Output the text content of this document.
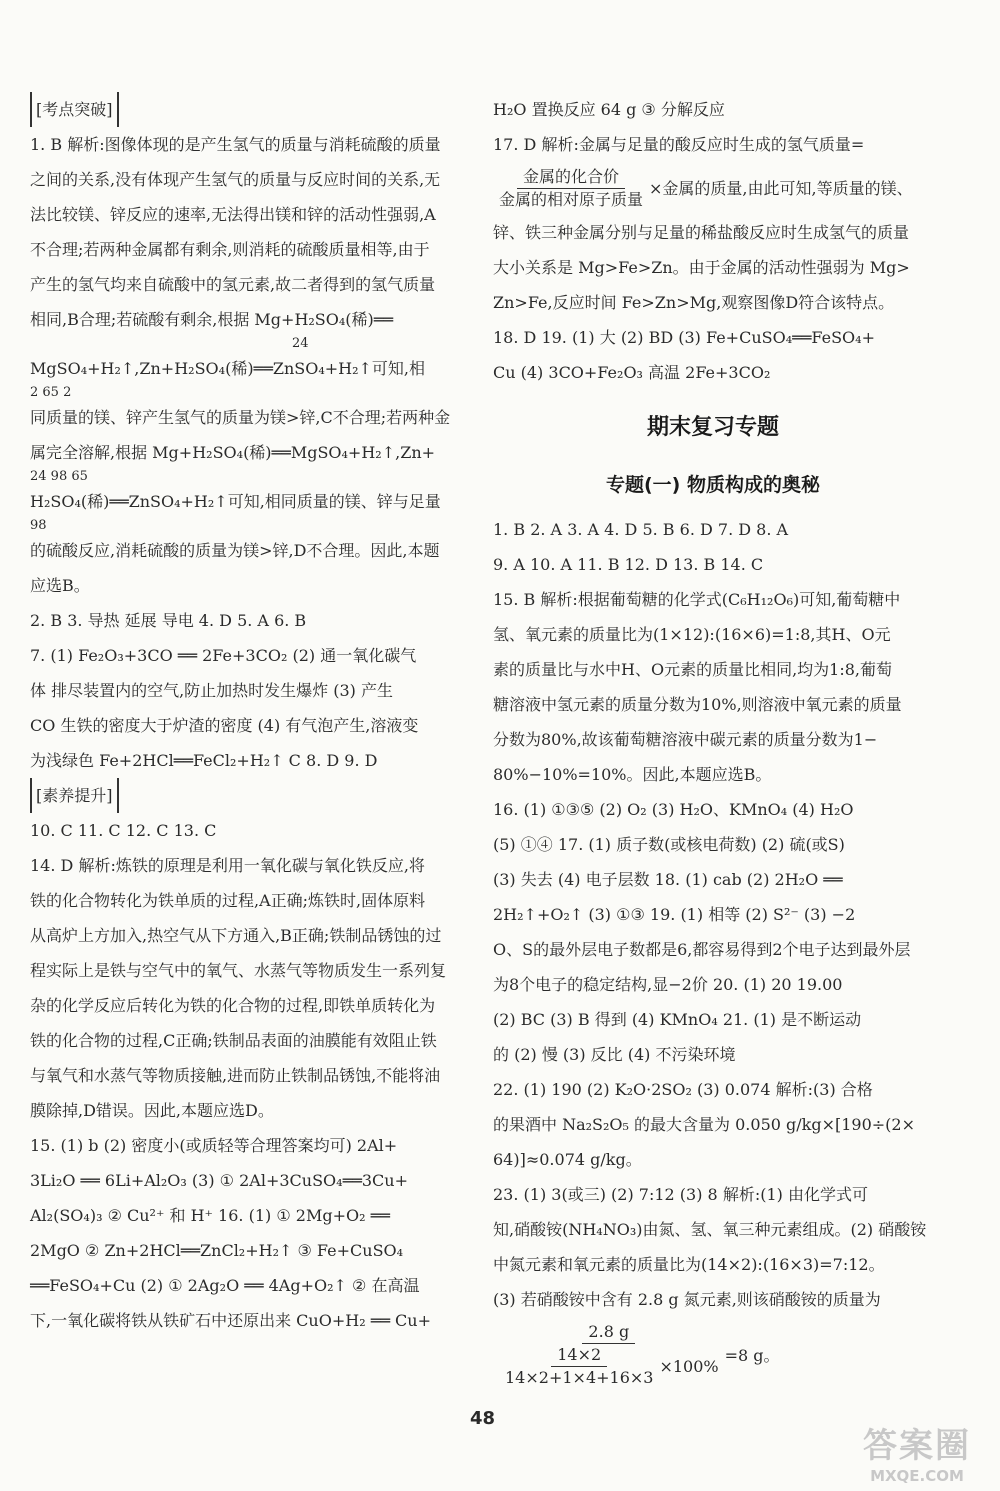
[考点突破]
1. B 解析:图像体现的是产生氢气的质量与消耗硫酸的质量
之间的关系,没有体现产生氢气的质量与反应时间的关系,无
法比较镁、锌反应的速率,无法得出镁和锌的活动性强弱,A
不合理;若两种金属都有剩余,则消耗的硫酸质量相等,由于
产生的氢气均来自硫酸中的氢元素,故二者得到的氢气质量
相同,B合理;若硫酸有剩余,根据 Mg+H₂SO₄(稀)══
24
MgSO₄+H₂↑,Zn+H₂SO₄(稀)══ZnSO₄+H₂↑可知,相
2 65 2
同质量的镁、锌产生氢气的质量为镁>锌,C不合理;若两种金
属完全溶解,根据 Mg+H₂SO₄(稀)══MgSO₄+H₂↑,Zn+
24 98 65
H₂SO₄(稀)══ZnSO₄+H₂↑可知,相同质量的镁、锌与足量
98
的硫酸反应,消耗硫酸的质量为镁>锌,D不合理。因此,本题
应选B。
2. B 3. 导热 延展 导电 4. D 5. A 6. B
7. (1) Fe₂O₃+3CO ══ 2Fe+3CO₂ (2) 通一氧化碳气
体 排尽装置内的空气,防止加热时发生爆炸 (3) 产生
CO 生铁的密度大于炉渣的密度 (4) 有气泡产生,溶液变
为浅绿色 Fe+2HCl══FeCl₂+H₂↑ C 8. D 9. D
[素养提升]
10. C 11. C 12. C 13. C
14. D 解析:炼铁的原理是利用一氧化碳与氧化铁反应,将
铁的化合物转化为铁单质的过程,A正确;炼铁时,固体原料
从高炉上方加入,热空气从下方通入,B正确;铁制品锈蚀的过
程实际上是铁与空气中的氧气、水蒸气等物质发生一系列复
杂的化学反应后转化为铁的化合物的过程,即铁单质转化为
铁的化合物的过程,C正确;铁制品表面的油膜能有效阻止铁
与氧气和水蒸气等物质接触,进而防止铁制品锈蚀,不能将油
膜除掉,D错误。因此,本题应选D。
15. (1) b (2) 密度小(或质轻等合理答案均可) 2Al+
3Li₂O ══ 6Li+Al₂O₃ (3) ① 2Al+3CuSO₄══3Cu+
Al₂(SO₄)₃ ② Cu²⁺ 和 H⁺ 16. (1) ① 2Mg+O₂ ══
2MgO ② Zn+2HCl══ZnCl₂+H₂↑ ③ Fe+CuSO₄
══FeSO₄+Cu (2) ① 2Ag₂O ══ 4Ag+O₂↑ ② 在高温
下,一氧化碳将铁从铁矿石中还原出来 CuO+H₂ ══ Cu+
H₂O 置换反应 64 g ③ 分解反应
17. D 解析:金属与足量的酸反应时生成的氢气质量=
$\frac{\text{金属的化合价}}{\text{金属的相对原子质量}}$ ×金属的质量,由此可知,等质量的镁、
锌、铁三种金属分别与足量的稀盐酸反应时生成氢气的质量
大小关系是 Mg>Fe>Zn。由于金属的活动性强弱为 Mg>
Zn>Fe,反应时间 Fe>Zn>Mg,观察图像D符合该特点。
18. D 19. (1) 大 (2) BD (3) Fe+CuSO₄══FeSO₄+
Cu (4) 3CO+Fe₂O₃ 高温 2Fe+3CO₂
期末复习专题
专题(一) 物质构成的奥秘
1. B 2. A 3. A 4. D 5. B 6. D 7. D 8. A
9. A 10. A 11. B 12. D 13. B 14. C
15. B 解析:根据葡萄糖的化学式(C₆H₁₂O₆)可知,葡萄糖中
氢、氧元素的质量比为(1×12):(16×6)=1:8,其H、O元
素的质量比与水中H、O元素的质量比相同,均为1:8,葡萄
糖溶液中氢元素的质量分数为10%,则溶液中氧元素的质量
分数为80%,故该葡萄糖溶液中碳元素的质量分数为1−
80%−10%=10%。因此,本题应选B。
16. (1) ①③⑤ (2) O₂ (3) H₂O、KMnO₄ (4) H₂O
(5) ①④ 17. (1) 质子数(或核电荷数) (2) 硫(或S)
(3) 失去 (4) 电子层数 18. (1) cab (2) 2H₂O ══
2H₂↑+O₂↑ (3) ①③ 19. (1) 相等 (2) S²⁻ (3) −2
O、S的最外层电子数都是6,都容易得到2个电子达到最外层
为8个电子的稳定结构,显−2价 20. (1) 20 19.00
(2) BC (3) B 得到 (4) KMnO₄ 21. (1) 是不断运动
的 (2) 慢 (3) 反比 (4) 不污染环境
22. (1) 190 (2) K₂O·2SO₂ (3) 0.074 解析:(3) 合格
的果酒中 Na₂S₂O₅ 的最大含量为 0.050 g/kg×[190÷(2×
64)]≈0.074 g/kg。
23. (1) 3(或三) (2) 7:12 (3) 8 解析:(1) 由化学式可
知,硝酸铵(NH₄NO₃)由氮、氢、氧三种元素组成。(2) 硝酸铵
中氮元素和氧元素的质量比为(14×2):(16×3)=7:12。
(3) 若硝酸铵中含有 2.8 g 氮元素,则该硝酸铵的质量为
$\frac{2.8 g}{\frac{14\times 2}{14\times 2+1\times 4+16\times 3} \times 100\%} =8$ g。
48
答案圈
MXQE.COM
